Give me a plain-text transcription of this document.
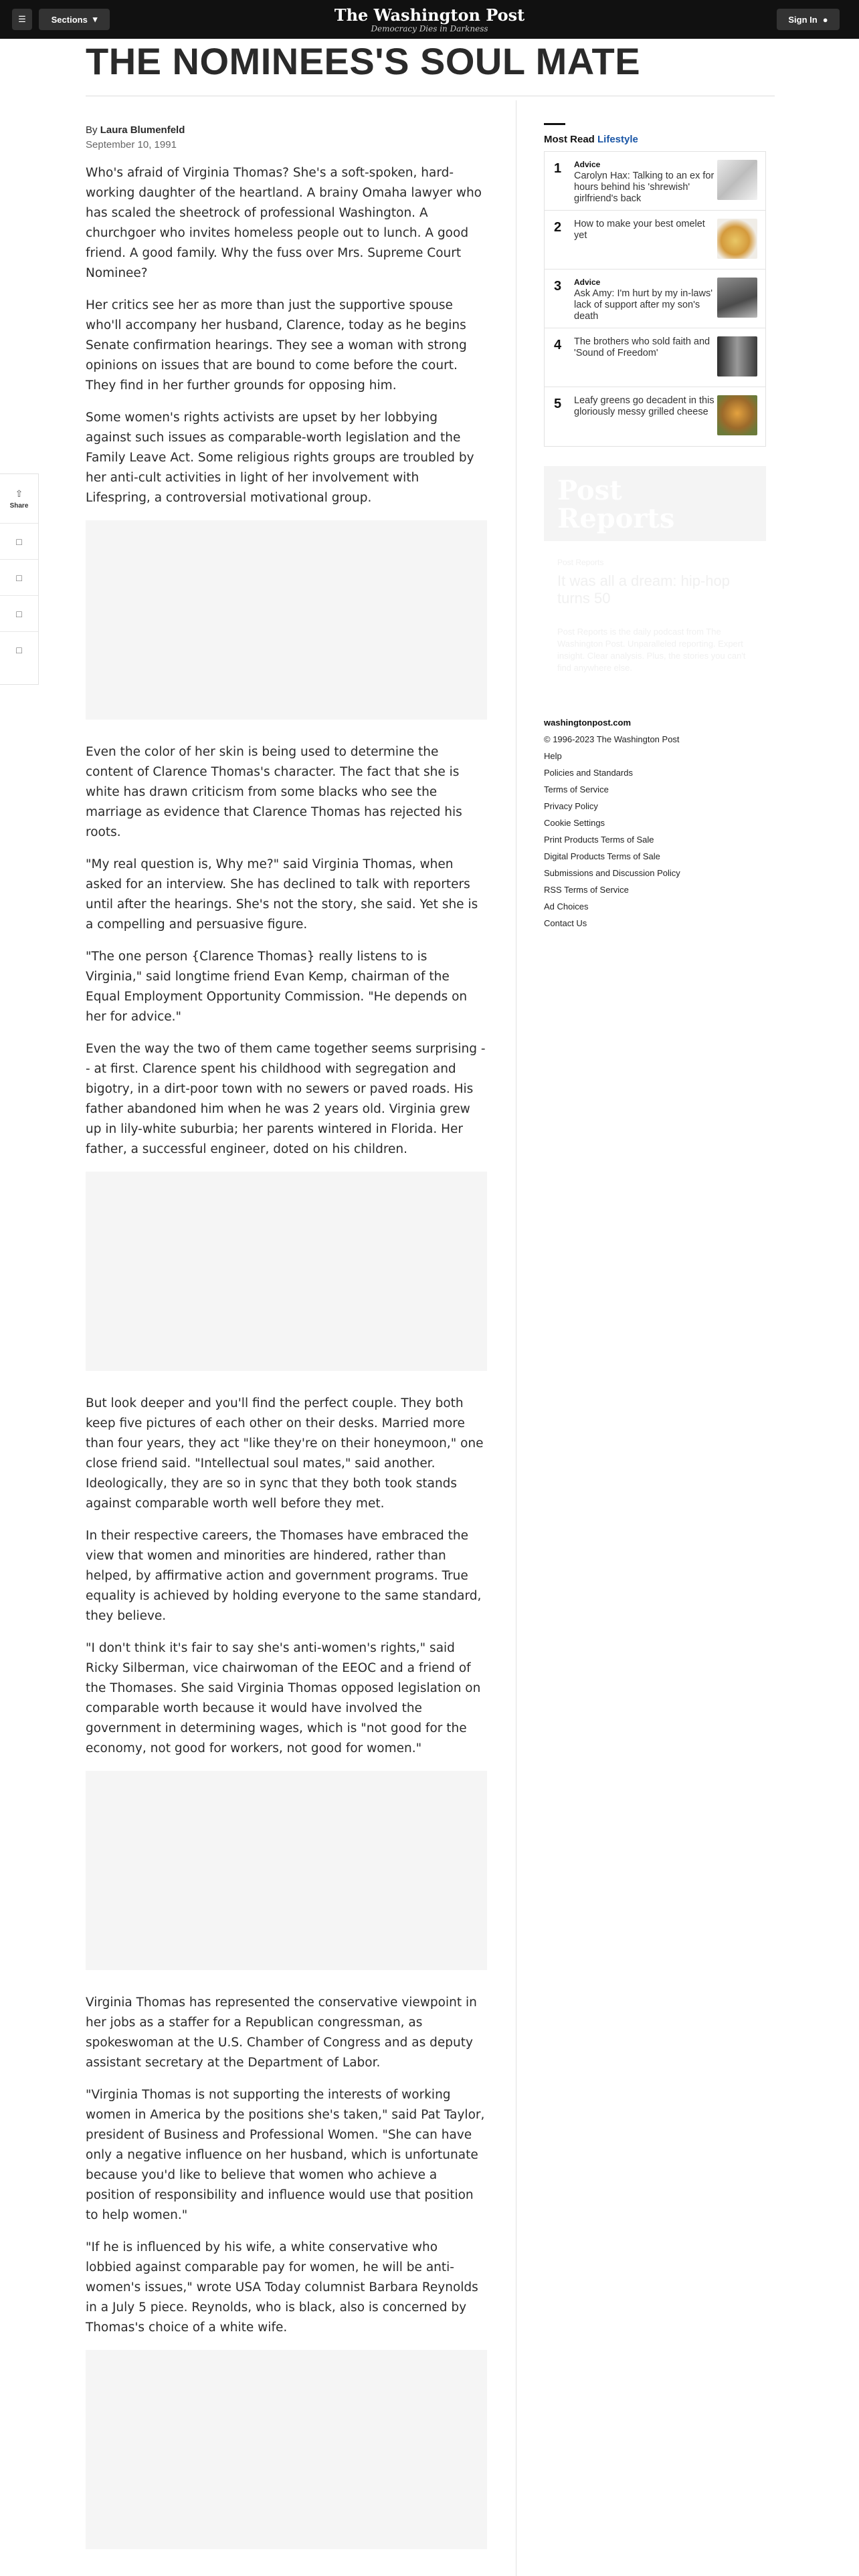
☰	Sections ▾	The Washington Post
Democracy Dies in Darkness
Sign In ●
THE NOMINEES'S SOUL MATE
By Laura Blumenfeld
September 10, 1991
⇧
Share
□
□
□
□

Who's afraid of Virginia Thomas? She's a soft-spoken, hard-working daughter of the heartland. A brainy Omaha lawyer who has scaled the sheetrock of professional Washington. A churchgoer who invites homeless people out to lunch. A good friend. A good family. Why the fuss over Mrs. Supreme Court Nominee?

Her critics see her as more than just the supportive spouse who'll accompany her husband, Clarence, today as he begins Senate confirmation hearings. They see a woman with strong opinions on issues that are bound to come before the court. They find in her further grounds for opposing him.

Some women's rights activists are upset by her lobbying against such issues as comparable-worth legislation and the Family Leave Act. Some religious rights groups are troubled by her anti-cult activities in light of her involvement with Lifespring, a controversial motivational group.

Even the color of her skin is being used to determine the content of Clarence Thomas's character. The fact that she is white has drawn criticism from some blacks who see the marriage as evidence that Clarence Thomas has rejected his roots.

"My real question is, Why me?" said Virginia Thomas, when asked for an interview. She has declined to talk with reporters until after the hearings. She's not the story, she said. Yet she is a compelling and persuasive figure.

"The one person {Clarence Thomas} really listens to is Virginia," said longtime friend Evan Kemp, chairman of the Equal Employment Opportunity Commission. "He depends on her for advice."

Even the way the two of them came together seems surprising -- at first. Clarence spent his childhood with segregation and bigotry, in a dirt-poor town with no sewers or paved roads. His father abandoned him when he was 2 years old. Virginia grew up in lily-white suburbia; her parents wintered in Florida. Her father, a successful engineer, doted on his children.

But look deeper and you'll find the perfect couple. They both keep five pictures of each other on their desks. Married more than four years, they act "like they're on their honeymoon," one close friend said. "Intellectual soul mates," said another. Ideologically, they are so in sync that they both took stands against comparable worth well before they met.

In their respective careers, the Thomases have embraced the view that women and minorities are hindered, rather than helped, by affirmative action and government programs. True equality is achieved by holding everyone to the same standard, they believe.

"I don't think it's fair to say she's anti-women's rights," said Ricky Silberman, vice chairwoman of the EEOC and a friend of the Thomases. She said Virginia Thomas opposed legislation on comparable worth because it would have involved the government in determining wages, which is "not good for the economy, not good for workers, not good for women."

Virginia Thomas has represented the conservative viewpoint in her jobs as a staffer for a Republican congressman, as spokeswoman at the U.S. Chamber of Congress and as deputy assistant secretary at the Department of Labor.

"Virginia Thomas is not supporting the interests of working women in America by the positions she's taken," said Pat Taylor, president of Business and Professional Women. "She can have only a negative influence on her husband, which is unfortunate because you'd like to believe that women who achieve a position of responsibility and influence would use that position to help women."

"If he is influenced by his wife, a white conservative who lobbied against comparable pay for women, he will be anti-women's issues," wrote USA Today columnist Barbara Reynolds in a July 5 piece. Reynolds, who is black, also is concerned by Thomas's choice of a white wife.

Most Read Lifestyle
1 Advice
Carolyn Hax: Talking to an ex for hours behind his 'shrewish' girlfriend's back
2 How to make your best omelet yet
3 Advice
Ask Amy: I'm hurt by my in-laws' lack of support after my son's death
4 The brothers who sold faith and 'Sound of Freedom'
5 Leafy greens go decadent in this gloriously messy grilled cheese
Post
Reports
Post Reports
It was all a dream: hip-hop turns 50
Post Reports is the daily podcast from The Washington Post. Unparalleled reporting. Expert insight. Clear analysis. Plus, the stories you can't find anywhere else.
washingtonpost.com
© 1996-2023 The Washington Post
Help
Policies and Standards
Terms of Service
Privacy Policy
Cookie Settings
Print Products Terms of Sale
Digital Products Terms of Sale
Submissions and Discussion Policy
RSS Terms of Service
Ad Choices
Contact Us
